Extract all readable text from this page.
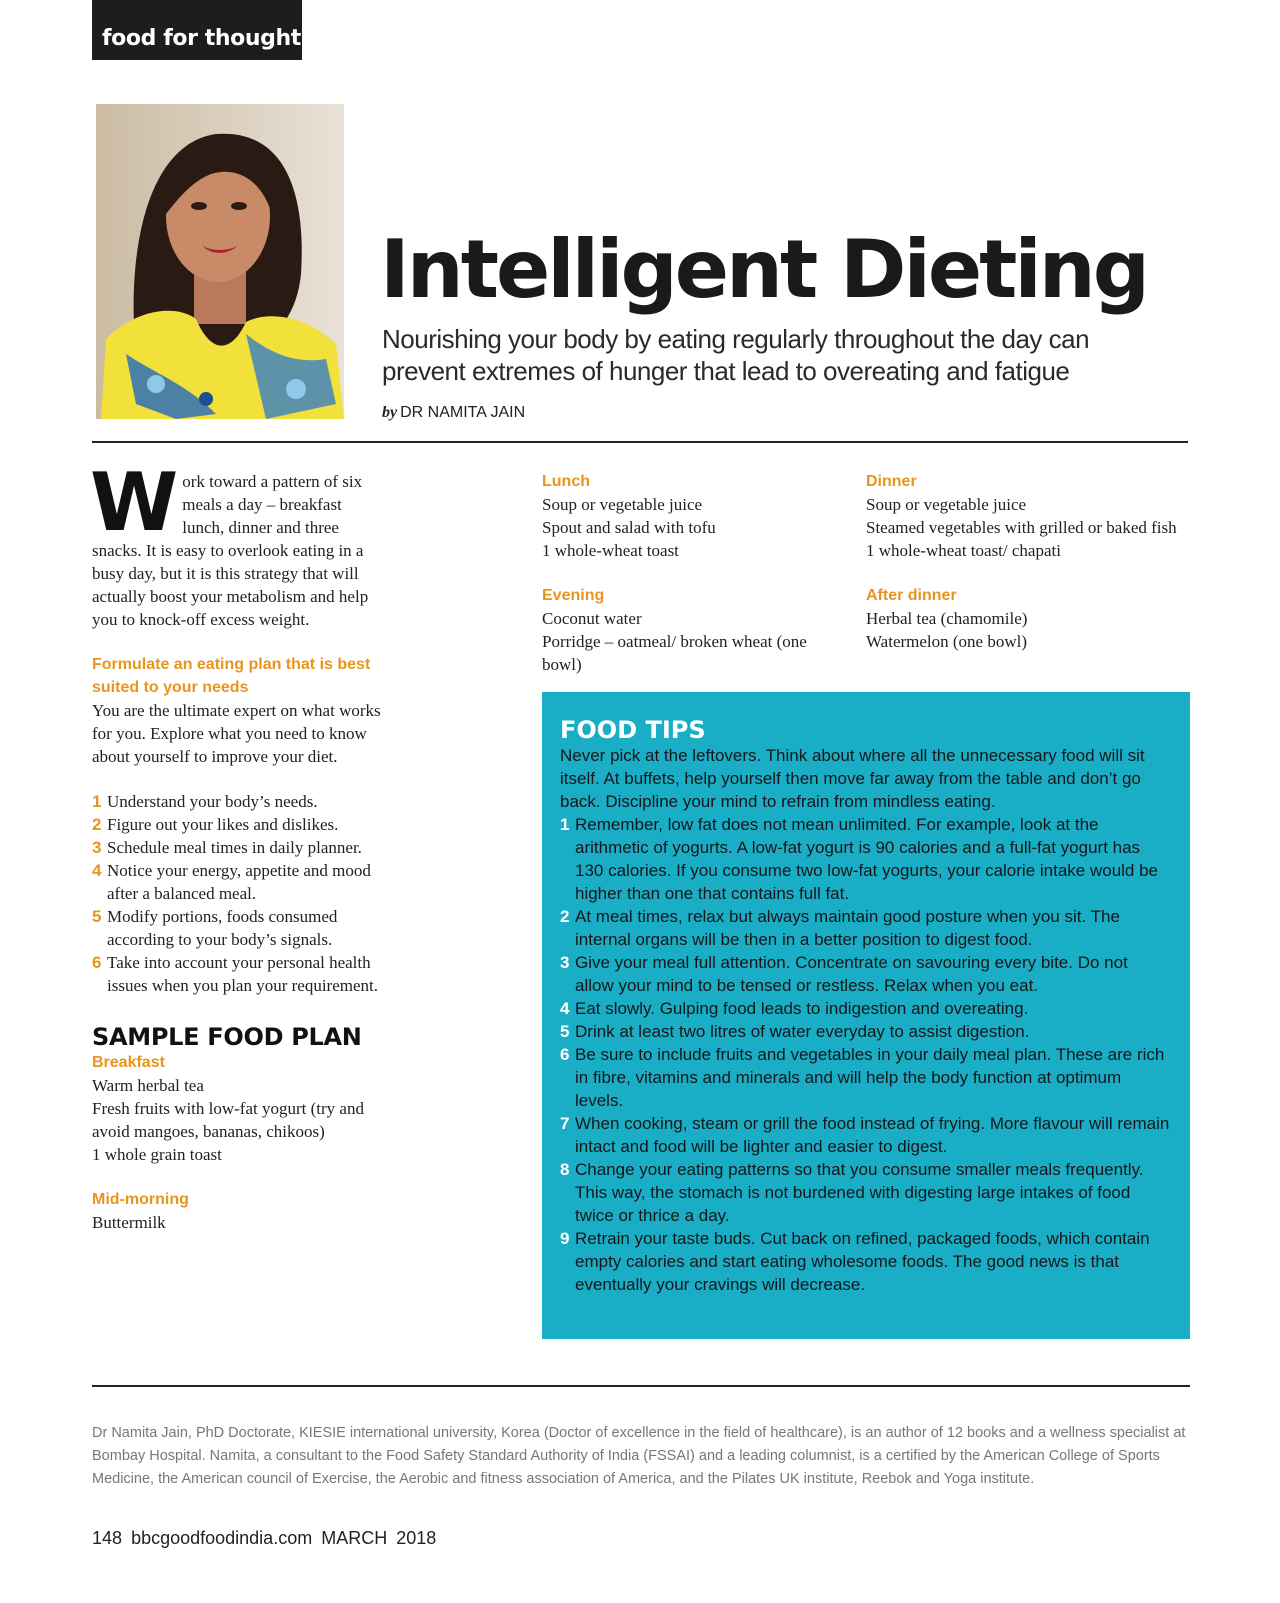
food for thought
Intelligent Dieting
Nourishing your body by eating regularly throughout the day can prevent extremes of hunger that lead to overeating and fatigue
by DR NAMITA JAIN

Work toward a pattern of six meals a day – breakfast lunch, dinner and three snacks. It is easy to overlook eating in a busy day, but it is this strategy that will actually boost your metabolism and help you to knock-off excess weight.

Formulate an eating plan that is best suited to your needs

You are the ultimate expert on what works for you. Explore what you need to know about yourself to improve your diet.

1 Understand your body’s needs.
2 Figure out your likes and dislikes.
3 Schedule meal times in daily planner.
4 Notice your energy, appetite and mood after a balanced meal.
5 Modify portions, foods consumed according to your body’s signals.
6 Take into account your personal health issues when you plan your requirement.
SAMPLE FOOD PLAN

Breakfast

Warm herbal tea
Fresh fruits with low-fat yogurt (try and avoid mangoes, bananas, chikoos)
1 whole grain toast

Mid-morning

Buttermilk

Lunch

Soup or vegetable juice
Spout and salad with tofu
1 whole-wheat toast

Evening

Coconut water
Porridge – oatmeal/ broken wheat (one bowl)

Dinner

Soup or vegetable juice
Steamed vegetables with grilled or baked fish
1 whole-wheat toast/ chapati

After dinner

Herbal tea (chamomile)
Watermelon (one bowl)
FOOD TIPS

Never pick at the leftovers. Think about where all the unnecessary food will sit itself. At buffets, help yourself then move far away from the table and don’t go back. Discipline your mind to refrain from mindless eating.

1 Remember, low fat does not mean unlimited. For example, look at the arithmetic of yogurts. A low-fat yogurt is 90 calories and a full-fat yogurt has 130 calories. If you consume two low-fat yogurts, your calorie intake would be higher than one that contains full fat.
2 At meal times, relax but always maintain good posture when you sit. The internal organs will be then in a better position to digest food.
3 Give your meal full attention. Concentrate on savouring every bite. Do not allow your mind to be tensed or restless. Relax when you eat.
4 Eat slowly. Gulping food leads to indigestion and overeating.
5 Drink at least two litres of water everyday to assist digestion.
6 Be sure to include fruits and vegetables in your daily meal plan. These are rich in fibre, vitamins and minerals and will help the body function at optimum levels.
7 When cooking, steam or grill the food instead of frying. More flavour will remain intact and food will be lighter and easier to digest.
8 Change your eating patterns so that you consume smaller meals frequently. This way, the stomach is not burdened with digesting large intakes of food twice or thrice a day.
9 Retrain your taste buds. Cut back on refined, packaged foods, which contain empty calories and start eating wholesome foods. The good news is that eventually your cravings will decrease.

Dr Namita Jain, PhD Doctorate, KIESIE international university, Korea (Doctor of excellence in the field of healthcare), is an author of 12 books and a wellness specialist at Bombay Hospital. Namita, a consultant to the Food Safety Standard Authority of India (FSSAI) and a leading columnist, is a certified by the American College of Sports Medicine, the American council of Exercise, the Aerobic and fitness association of America, and the Pilates UK institute, Reebok and Yoga institute.

148 bbcgoodfoodindia.com MARCH 2018
